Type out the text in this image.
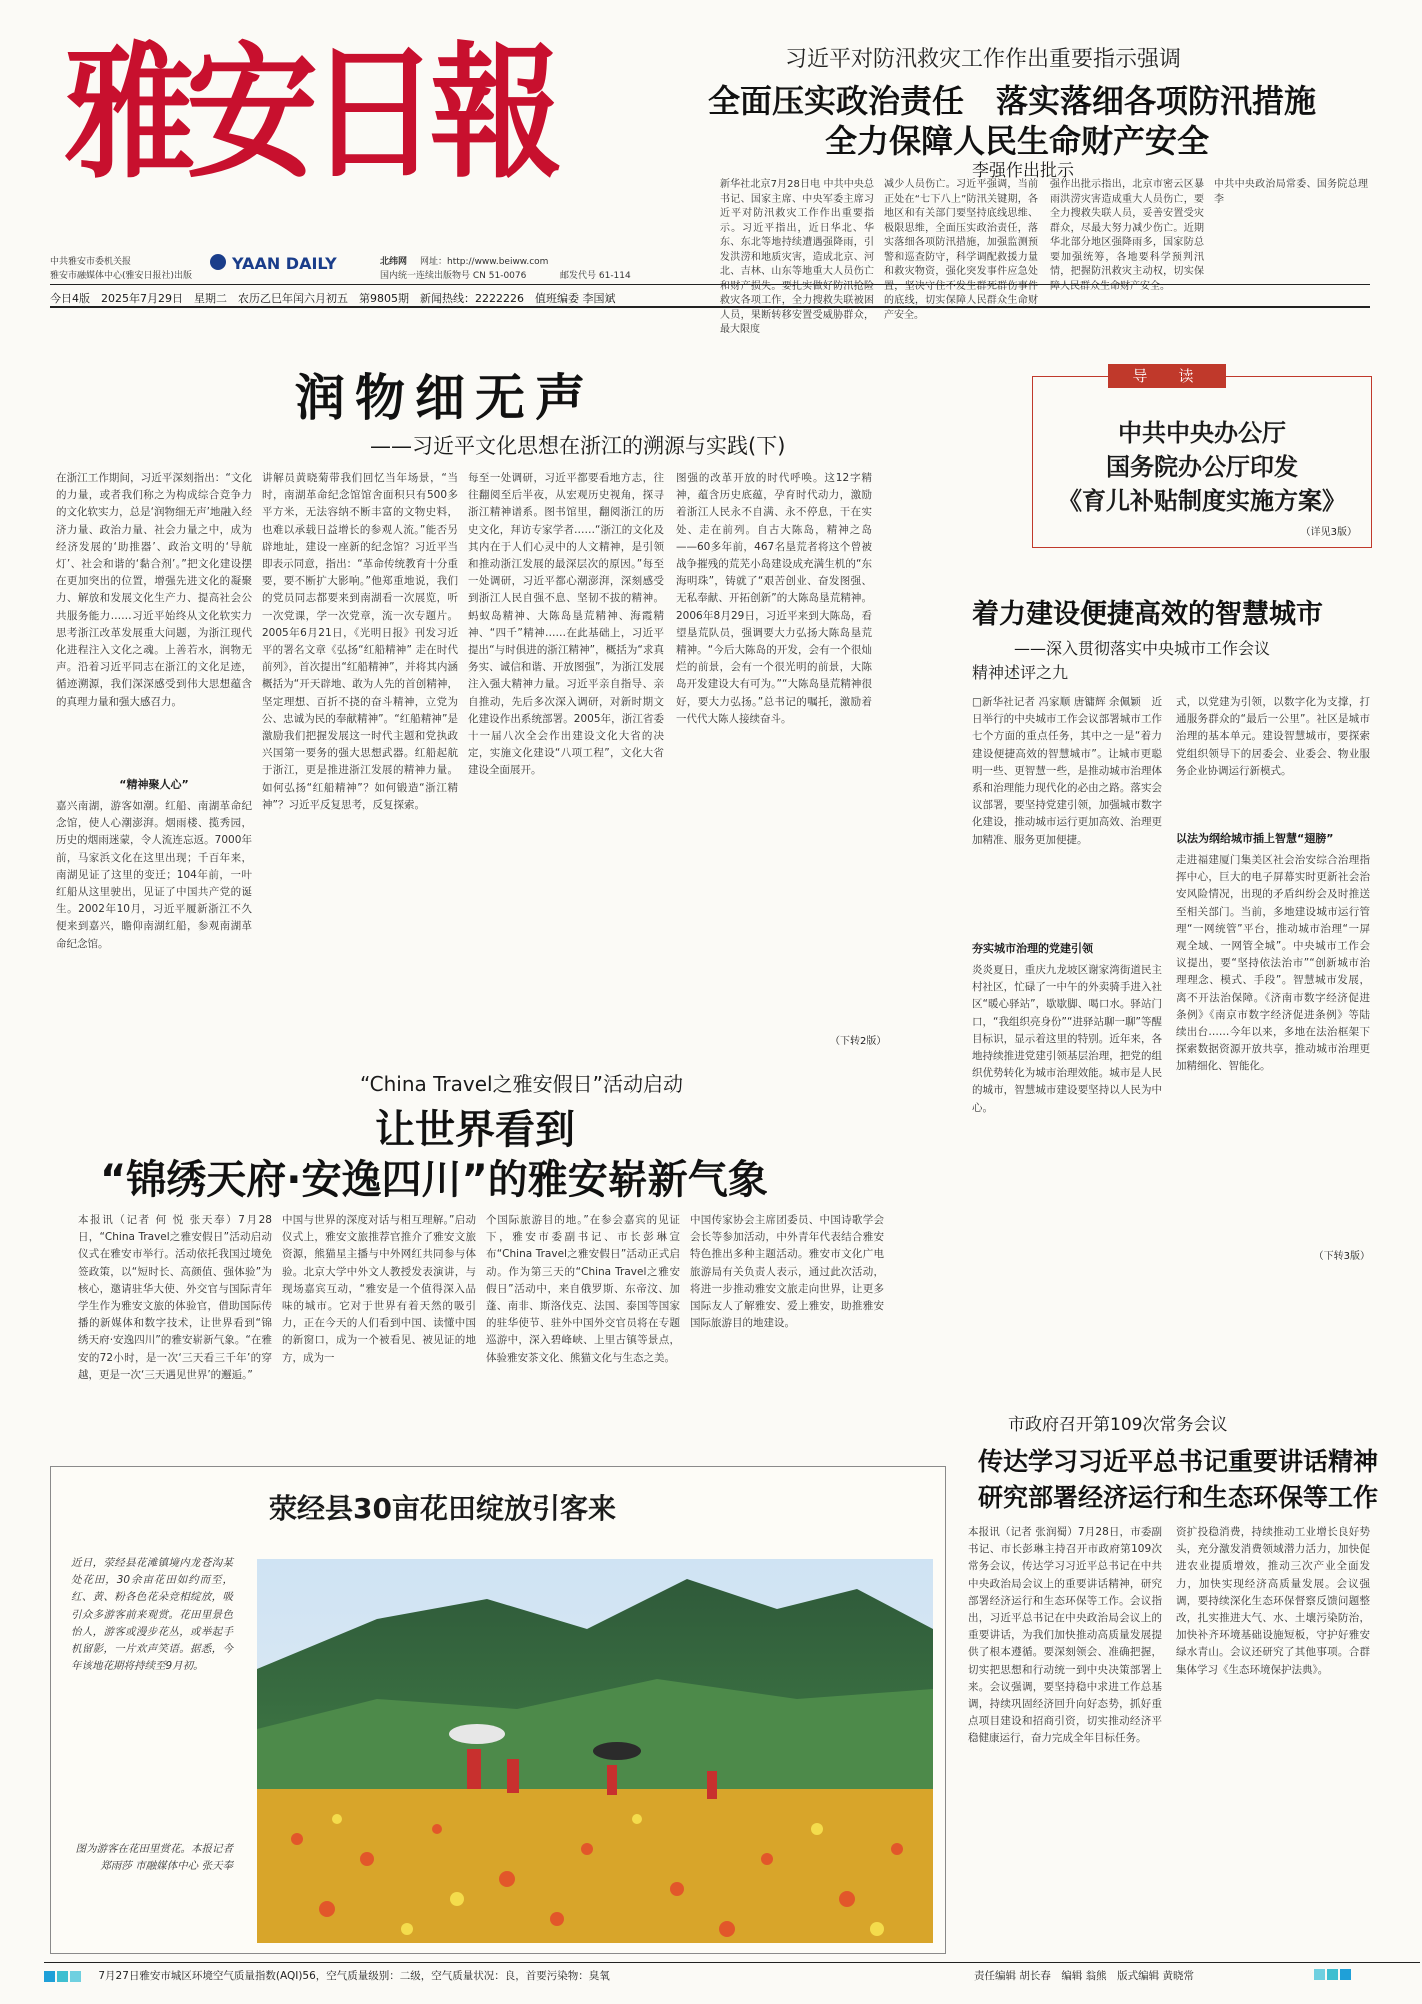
雅安日報
中共雅安市委机关报
雅安市融媒体中心(雅安日报社)出版
YAAN DAILY	北纬网 网址：http://www.beiww.com
国内统一连续出版物号 CN 51-0076	邮发代号 61-114
今日4版　2025年7月29日　星期二　农历乙巳年闰六月初五　第9805期　新闻热线：2222226　值班编委 李国斌
习近平对防汛救灾工作作出重要指示强调
全面压实政治责任　落实落细各项防汛措施
全力保障人民生命财产安全
李强作出批示
新华社北京7月28日电 中共中央总书记、国家主席、中央军委主席习近平对防汛救灾工作作出重要指示。习近平指出，近日华北、华东、东北等地持续遭遇强降雨，引发洪涝和地质灾害，造成北京、河北、吉林、山东等地重大人员伤亡和财产损失。要扎实做好防汛抢险救灾各项工作，全力搜救失联被困人员，果断转移安置受威胁群众，最大限度
减少人员伤亡。习近平强调，当前正处在“七下八上”防汛关键期，各地区和有关部门要坚持底线思维、极限思维，全面压实政治责任，落实落细各项防汛措施，加强监测预警和巡查防守，科学调配救援力量和救灾物资，强化突发事件应急处置，坚决守住不发生群死群伤事件的底线，切实保障人民群众生命财产安全。
强作出批示指出，北京市密云区暴雨洪涝灾害造成重大人员伤亡，要全力搜救失联人员，妥善安置受灾群众，尽最大努力减少伤亡。近期华北部分地区强降雨多，国家防总要加强统筹，各地要科学预判汛情，把握防汛救灾主动权，切实保障人民群众生命财产安全。
中共中央政治局常委、国务院总理李
润物细无声
——习近平文化思想在浙江的溯源与实践(下)
在浙江工作期间，习近平深刻指出：“文化的力量，或者我们称之为构成综合竞争力的文化软实力，总是‘润物细无声’地融入经济力量、政治力量、社会力量之中，成为经济发展的‘助推器’、政治文明的‘导航灯’、社会和谐的‘黏合剂’。”把文化建设摆在更加突出的位置，增强先进文化的凝聚力、解放和发展文化生产力、提高社会公共服务能力……习近平始终从文化软实力思考浙江改革发展重大问题，为浙江现代化进程注入文化之魂。上善若水，润物无声。沿着习近平同志在浙江的文化足迹，循迹溯源，我们深深感受到伟大思想蕴含的真理力量和强大感召力。
“精神聚人心”
嘉兴南湖，游客如潮。红船、南湖革命纪念馆，使人心潮澎湃。烟雨楼、揽秀园，历史的烟雨迷蒙，令人流连忘返。7000年前，马家浜文化在这里出现；千百年来，南湖见证了这里的变迁；104年前，一叶红船从这里驶出，见证了中国共产党的诞生。2002年10月，习近平履新浙江不久便来到嘉兴，瞻仰南湖红船，参观南湖革命纪念馆。
讲解员黄晓菊带我们回忆当年场景，“当时，南湖革命纪念馆馆舍面积只有500多平方米，无法容纳不断丰富的文物史料，也难以承载日益增长的参观人流。”能否另辟地址，建设一座新的纪念馆？习近平当即表示同意，指出：“革命传统教育十分重要，要不断扩大影响。”他郑重地说，我们的党员同志都要来到南湖看一次展览，听一次党课，学一次党章，流一次专题片。2005年6月21日，《光明日报》刊发习近平的署名文章《弘扬“红船精神” 走在时代前列》，首次提出“红船精神”，并将其内涵概括为“开天辟地、敢为人先的首创精神，坚定理想、百折不挠的奋斗精神，立党为公、忠诚为民的奉献精神”。“红船精神”是激励我们把握发展这一时代主题和党执政兴国第一要务的强大思想武器。红船起航于浙江，更是推进浙江发展的精神力量。如何弘扬“红船精神”？如何锻造“浙江精神”？习近平反复思考，反复探索。
每至一处调研，习近平都要看地方志，往往翻阅至后半夜，从宏观历史视角，探寻浙江精神谱系。图书馆里，翻阅浙江的历史文化，拜访专家学者……“浙江的文化及其内在于人们心灵中的人文精神，是引领和推动浙江发展的最深层次的原因。”每至一处调研，习近平都心潮澎湃，深刻感受到浙江人民自强不息、坚韧不拔的精神。蚂蚁岛精神、大陈岛垦荒精神、海霞精神、“四千”精神……在此基础上，习近平提出“与时俱进的浙江精神”，概括为“求真务实、诚信和谐、开放图强”，为浙江发展注入强大精神力量。习近平亲自指导、亲自推动，先后多次深入调研，对新时期文化建设作出系统部署。2005年，浙江省委十一届八次全会作出建设文化大省的决定，实施文化建设“八项工程”，文化大省建设全面展开。
图强的改革开放的时代呼唤。这12字精神，蕴含历史底蕴，孕育时代动力，激励着浙江人民永不自满、永不停息，干在实处、走在前列。自古大陈岛，精神之岛——60多年前，467名垦荒者将这个曾被战争摧残的荒芜小岛建设成充满生机的“东海明珠”，铸就了“艰苦创业、奋发图强、无私奉献、开拓创新”的大陈岛垦荒精神。2006年8月29日，习近平来到大陈岛，看望垦荒队员，强调要大力弘扬大陈岛垦荒精神。“今后大陈岛的开发，会有一个很灿烂的前景，会有一个很光明的前景，大陈岛开发建设大有可为。”“大陈岛垦荒精神很好，要大力弘扬。”总书记的嘱托，激励着一代代大陈人接续奋斗。
（下转2版）
导　读
中共中央办公厅
国务院办公厅印发
《育儿补贴制度实施方案》
（详见3版）
着力建设便捷高效的智慧城市
——深入贯彻落实中央城市工作会议
精神述评之九
□新华社记者 冯家顺 唐镛辉 余佩颖　近日举行的中央城市工作会议部署城市工作七个方面的重点任务，其中之一是“着力建设便捷高效的智慧城市”。让城市更聪明一些、更智慧一些，是推动城市治理体系和治理能力现代化的必由之路。落实会议部署，要坚持党建引领，加强城市数字化建设，推动城市运行更加高效、治理更加精准、服务更加便捷。
夯实城市治理的党建引领
炎炎夏日，重庆九龙坡区谢家湾街道民主村社区，忙碌了一中午的外卖骑手进入社区“暖心驿站”，歇歇脚、喝口水。驿站门口，“我组织亮身份”“进驿站聊一聊”等醒目标识，显示着这里的特别。近年来，各地持续推进党建引领基层治理，把党的组织优势转化为城市治理效能。城市是人民的城市，智慧城市建设要坚持以人民为中心。
式，以党建为引领，以数字化为支撑，打通服务群众的“最后一公里”。社区是城市治理的基本单元。建设智慧城市，要探索党组织领导下的居委会、业委会、物业服务企业协调运行新模式。
以法为纲给城市插上智慧“翅膀”
走进福建厦门集美区社会治安综合治理指挥中心，巨大的电子屏幕实时更新社会治安风险情况，出现的矛盾纠纷会及时推送至相关部门。当前，多地建设城市运行管理“一网统管”平台，推动城市治理“一屏观全域、一网管全城”。中央城市工作会议提出，要“坚持依法治市”“创新城市治理理念、模式、手段”。智慧城市发展，离不开法治保障。《济南市数字经济促进条例》《南京市数字经济促进条例》等陆续出台……今年以来，多地在法治框架下探索数据资源开放共享，推动城市治理更加精细化、智能化。
（下转3版）
“China Travel之雅安假日”活动启动
让世界看到
“锦绣天府·安逸四川”的雅安崭新气象
本报讯（记者 何 悦 张天奉）7月28日，“China Travel之雅安假日”活动启动仪式在雅安市举行。活动依托我国过境免签政策，以“短时长、高颜值、强体验”为核心，邀请驻华大使、外交官与国际青年学生作为雅安文旅的体验官，借助国际传播的新媒体和数字技术，让世界看到“锦绣天府·安逸四川”的雅安崭新气象。“在雅安的72小时，是一次‘三天看三千年’的穿越，更是一次‘三天遇见世界’的邂逅。”
中国与世界的深度对话与相互理解。”启动仪式上，雅安文旅推荐官推介了雅安文旅资源，熊猫星主播与中外网红共同参与体验。北京大学中外文人教授发表演讲，与现场嘉宾互动，“雅安是一个值得深入品味的城市。它对于世界有着天然的吸引力，正在今天的人们看到中国、读懂中国的新窗口，成为一个被看见、被见证的地方，成为一
个国际旅游目的地。”在参会嘉宾的见证下，雅安市委副书记、市长彭琳宣布“China Travel之雅安假日”活动正式启动。作为第三天的“China Travel之雅安假日”活动中，来自俄罗斯、东帝汶、加蓬、南非、斯洛伐克、法国、泰国等国家的驻华使节、驻外中国外交官员将在专题巡游中，深入碧峰峡、上里古镇等景点，体验雅安茶文化、熊猫文化与生态之美。
中国传家协会主席团委员、中国诗歌学会会长等参加活动，中外青年代表结合雅安特色推出多种主题活动。雅安市文化广电旅游局有关负责人表示，通过此次活动，将进一步推动雅安文旅走向世界，让更多国际友人了解雅安、爱上雅安，助推雅安国际旅游目的地建设。
市政府召开第109次常务会议
传达学习习近平总书记重要讲话精神
研究部署经济运行和生态环保等工作
本报讯（记者 张润蜀）7月28日，市委副书记、市长彭琳主持召开市政府第109次常务会议，传达学习习近平总书记在中共中央政治局会议上的重要讲话精神，研究部署经济运行和生态环保等工作。会议指出，习近平总书记在中央政治局会议上的重要讲话，为我们加快推动高质量发展提供了根本遵循。要深刻领会、准确把握，切实把思想和行动统一到中央决策部署上来。会议强调，要坚持稳中求进工作总基调，持续巩固经济回升向好态势，抓好重点项目建设和招商引资，切实推动经济平稳健康运行，奋力完成全年目标任务。
资扩投稳消费，持续推动工业增长良好势头，充分激发消费领域潜力活力，加快促进农业提质增效，推动三次产业全面发力，加快实现经济高质量发展。会议强调，要持续深化生态环保督察反馈问题整改，扎实推进大气、水、土壤污染防治，加快补齐环境基础设施短板，守护好雅安绿水青山。会议还研究了其他事项。合群集体学习《生态环境保护法典》。
荥经县30亩花田绽放引客来
近日，荥经县花滩镇境内龙苍沟某处花田，30余亩花田如约而至，红、黄、粉各色花朵竞相绽放，吸引众多游客前来观赏。花田里景色怡人，游客或漫步花丛，或举起手机留影，一片欢声笑语。据悉，今年该地花期将持续至9月初。
图为游客在花田里赏花。本报记者 郑雨莎 市融媒体中心 张天奉
7月27日雅安市城区环境空气质量指数(AQI)56，空气质量级别：二级，空气质量状况：良，首要污染物：臭氧	责任编辑 胡长春　编辑 翁熊　版式编辑 黄晓常
